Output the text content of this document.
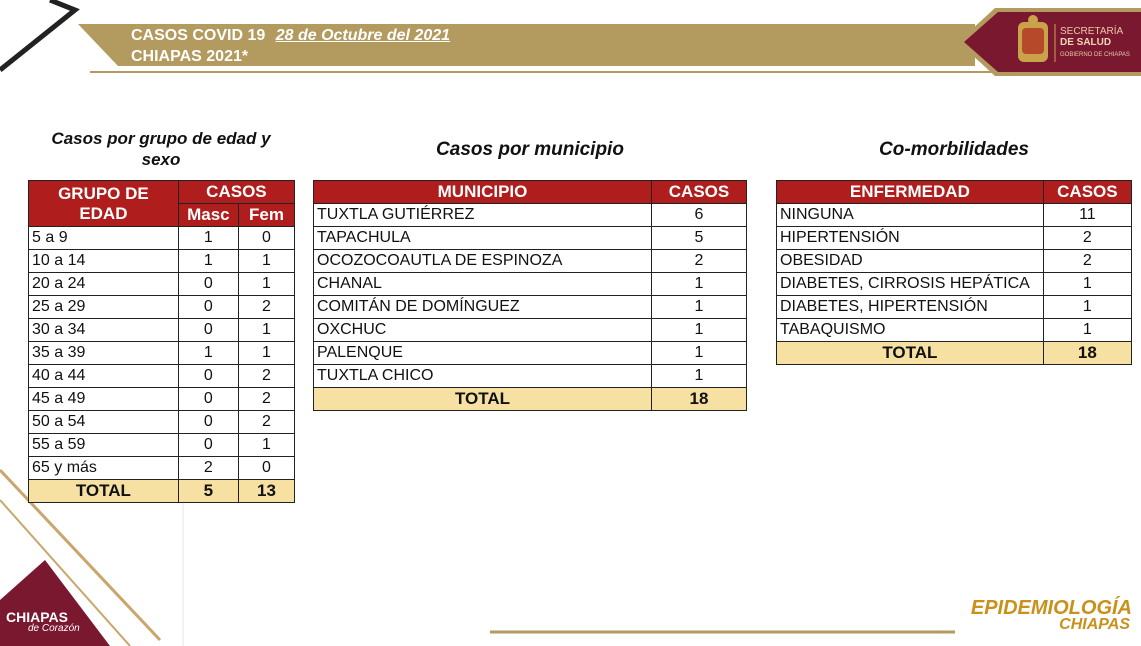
CASOS COVID 19 28 de Octubre del 2021
CHIAPAS 2021*
SECRETARÍA
DE SALUD
GOBIERNO DE CHIAPAS
Casos por grupo de edad y sexo	Casos por municipio	Co-morbilidades
GRUPO DE EDAD	CASOS	
	Masc	Fem
5 a 9	1	0
10 a 14	1	1
20 a 24	0	1
25 a 29	0	2
30 a 34	0	1
35 a 39	1	1
40 a 44	0	2
45 a 49	0	2
50 a 54	0	2
55 a 59	0	1
65 y más	2	0
TOTAL	5	13
MUNICIPIO	CASOS
TUXTLA GUTIÉRREZ	6
TAPACHULA	5
OCOZOCOAUTLA DE ESPINOZA	2
CHANAL	1
COMITÁN DE DOMÍNGUEZ	1
OXCHUC	1
PALENQUE	1
TUXTLA CHICO	1
TOTAL	18
ENFERMEDAD	CASOS
NINGUNA	11
HIPERTENSIÓN	2
OBESIDAD	2
DIABETES, CIRROSIS HEPÁTICA	1
DIABETES, HIPERTENSIÓN	1
TABAQUISMO	1
TOTAL	18
CHIAPAS
de Corazón
EPIDEMIOLOGÍA
CHIAPAS
